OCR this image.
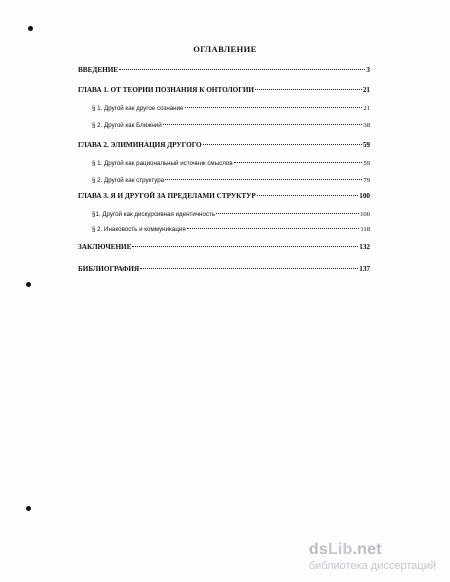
ОГЛАВЛЕНИЕ
ВВЕДЕНИЕ	3
ГЛАВА 1. ОТ ТЕОРИИ ПОЗНАНИЯ К ОНТОЛОГИИ	21
§ 1. Другой как другое сознание	21
§ 2. Другой как Ближний	38
ГЛАВА 2. ЭЛИМИНАЦИЯ ДРУГОГО	59
§ 1. Другой как рациональный источник смыслов	59
§ 2. Другой как структура	79
ГЛАВА 3. Я И ДРУГОЙ ЗА ПРЕДЕЛАМИ СТРУКТУР	100
§1. Другой как дискурсивная идентичность	100
§ 2. Инаковость и коммуникация	118
ЗАКЛЮЧЕНИЕ	132
БИБЛИОГРАФИЯ	137
dsLib.net
библиотека диссертаций
